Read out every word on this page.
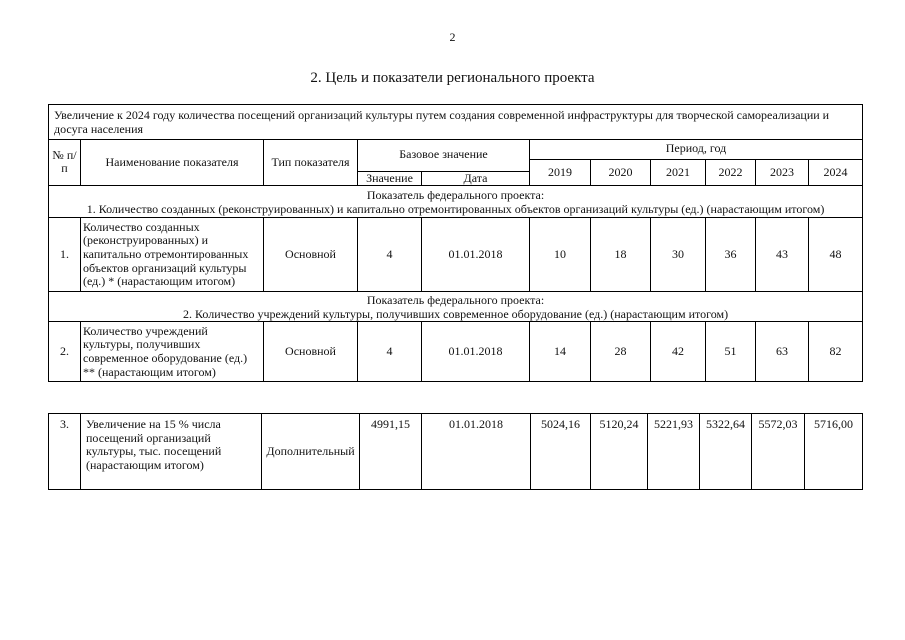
2
2. Цель и показатели регионального проекта
Увеличение к 2024 году количества посещений организаций культуры путем создания современной инфраструктуры для творческой самореализации и досуга населения										
№ п/п	Наименование показателя	Тип показателя	Базовое значение		Период, год					
					2019	2020	2021	2022	2023	2024
			Значение	Дата						

Показатель федерального проекта:
1. Количество созданных (реконструированных) и капитально отремонтированных объектов организаций культуры (ед.) (нарастающим итогом)										

1.	Количество созданных (реконструированных) и капитально отремонтированных объектов организаций культуры (ед.) * (нарастающим итогом)	Основной	4	01.01.2018	10	18	30	36	43	48

Показатель федерального проекта:
2. Количество учреждений культуры, получивших современное оборудование (ед.) (нарастающим итогом)										

2.	Количество учреждений культуры, получивших современное оборудование (ед.) ** (нарастающим итогом)	Основной	4	01.01.2018	14	28	42	51	63	82
3.	Увеличение на 15 % числа посещений организаций культуры, тыс. посещений (нарастающим итогом)	Дополнительный	4991,15	01.01.2018	5024,16	5120,24	5221,93	5322,64	5572,03	5716,00
